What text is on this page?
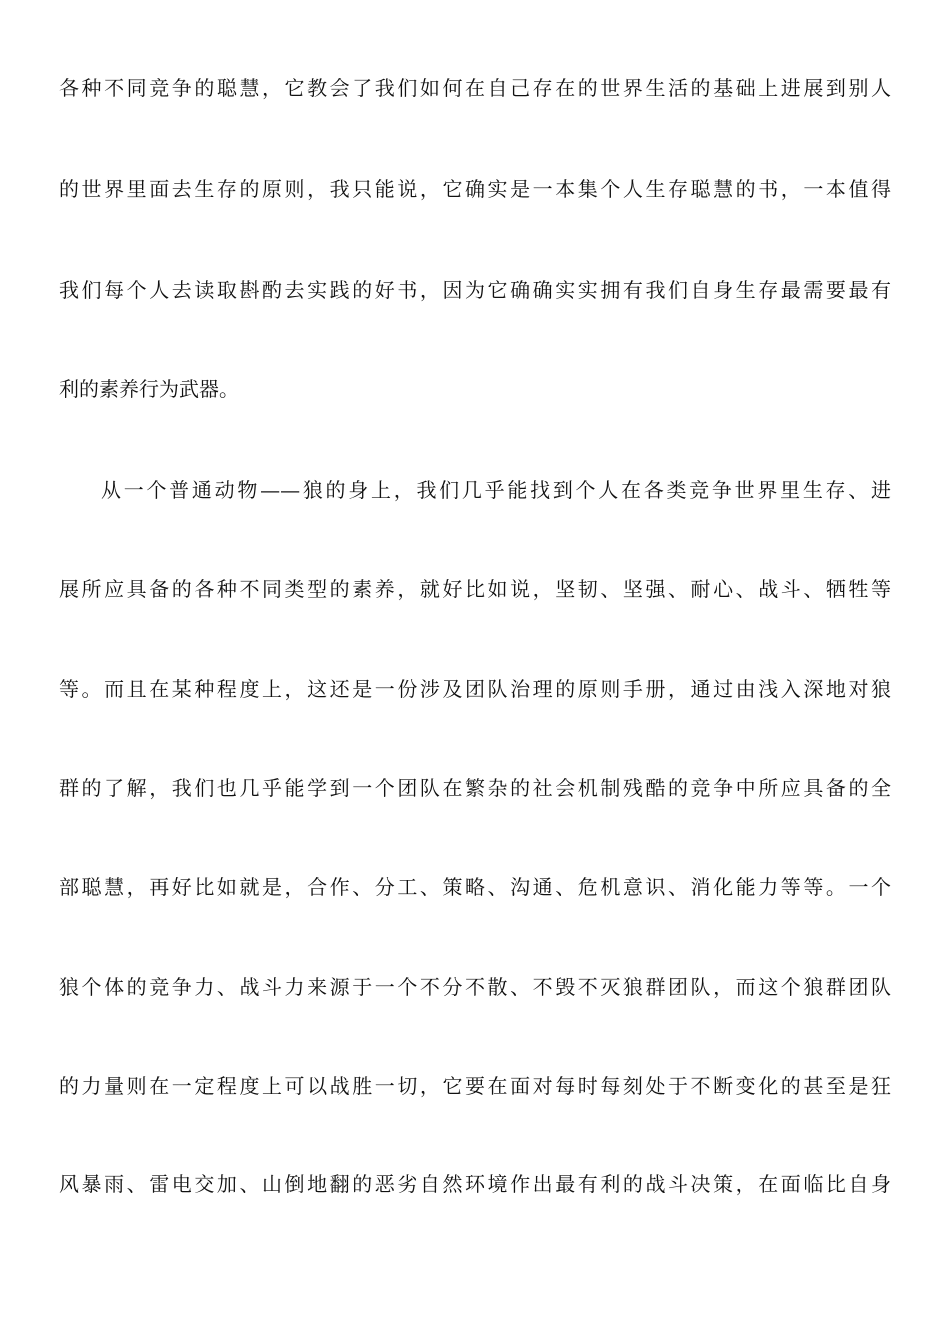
各种不同竞争的聪慧，它教会了我们如何在自己存在的世界生活的基础上进展到别人
的世界里面去生存的原则，我只能说，它确实是一本集个人生存聪慧的书，一本值得
我们每个人去读取斟酌去实践的好书，因为它确确实实拥有我们自身生存最需要最有
利的素养行为武器。
从一个普通动物——狼的身上，我们几乎能找到个人在各类竞争世界里生存、进
展所应具备的各种不同类型的素养，就好比如说，坚韧、坚强、耐心、战斗、牺牲等
等。而且在某种程度上，这还是一份涉及团队治理的原则手册，通过由浅入深地对狼
群的了解，我们也几乎能学到一个团队在繁杂的社会机制残酷的竞争中所应具备的全
部聪慧，再好比如就是，合作、分工、策略、沟通、危机意识、消化能力等等。一个
狼个体的竞争力、战斗力来源于一个不分不散、不毁不灭狼群团队，而这个狼群团队
的力量则在一定程度上可以战胜一切，它要在面对每时每刻处于不断变化的甚至是狂
风暴雨、雷电交加、山倒地翻的恶劣自然环境作出最有利的战斗决策，在面临比自身
